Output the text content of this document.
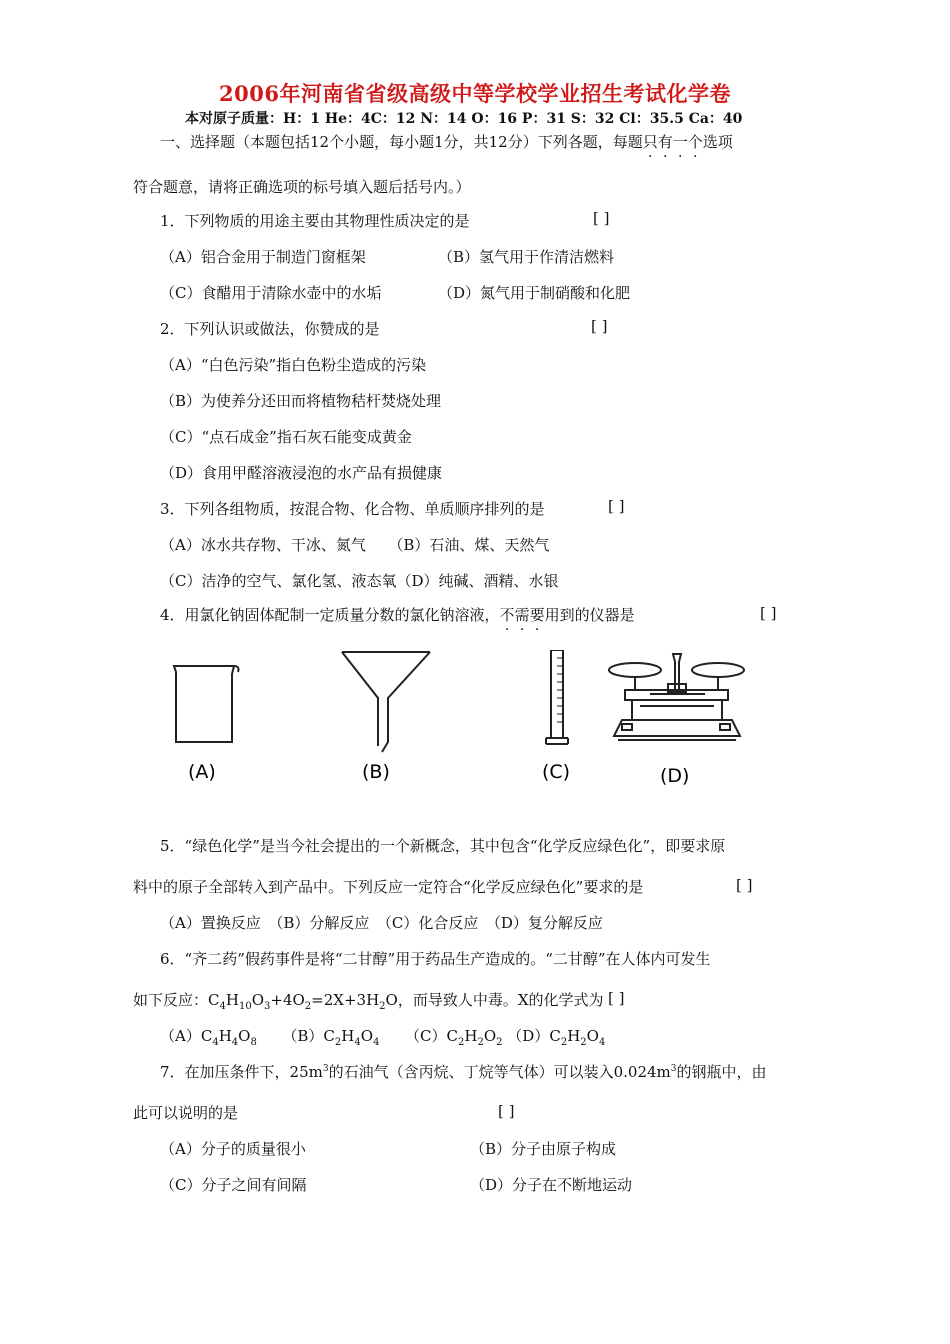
2006年河南省省级高级中等学校学业招生考试化学卷
本对原子质量：H：1 He：4C：12 N：14 O：16 P：31 S：32 Cl：35.5 Ca：40
一、选择题（本题包括12个小题，每小题1分，共12分）下列各题，每题只有一个选项
符合题意，请将正确选项的标号填入题后括号内。）
1．下列物质的用途主要由其物理性质决定的是	[ ]
（A）铝合金用于制造门窗框架	（B）氢气用于作清洁燃料
（C）食醋用于清除水壶中的水垢	（D）氮气用于制硝酸和化肥
2．下列认识或做法，你赞成的是	[ ]
（A）“白色污染”指白色粉尘造成的污染
（B）为使养分还田而将植物秸杆焚烧处理
（C）“点石成金”指石灰石能变成黄金
（D）食用甲醛溶液浸泡的水产品有损健康
3．下列各组物质，按混合物、化合物、单质顺序排列的是	[ ]
（A）冰水共存物、干冰、氮气　　（B）石油、煤、天然气
（C）洁净的空气、氯化氢、液态氧（D）纯碱、酒精、水银
4．用氯化钠固体配制一定质量分数的氯化钠溶液，不需要用到的仪器是	[ ]
(A)	(B)	(C)	(D)
5．“绿色化学”是当今社会提出的一个新概念，其中包含“化学反应绿色化”，即要求原
料中的原子全部转入到产品中。下列反应一定符合“化学反应绿色化”要求的是	[ ]
（A）置换反应　（B）分解反应　（C）化合反应　（D）复分解反应
6．“齐二药”假药事件是将“二甘醇”用于药品生产造成的。“二甘醇”在人体内可发生
如下反应：$C_4H_{10}O_3+4O_2=2X+3H_2O$，而导致人中毒。X的化学式为 [ ]
$(A)C_4H_4O_8$ $(B)C_2H_4O_4$ $(C)C_2H_2O_2$ $(D)C_2H_2O_4$
7．在加压条件下，$25m^3$的石油气（含丙烷、丁烷等气体）可以装入$0.024m^3$的钢瓶中，由
此可以说明的是	[ ]
（A）分子的质量很小	（B）分子由原子构成
（C）分子之间有间隔	（D）分子在不断地运动
